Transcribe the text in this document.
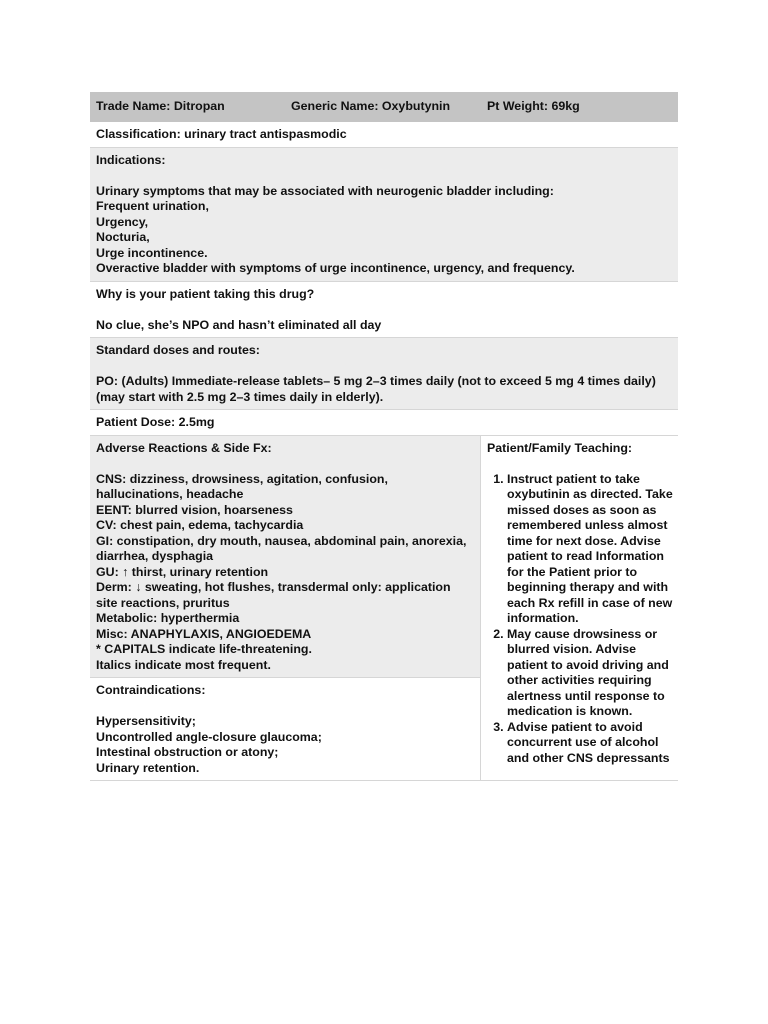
Trade Name: Ditropan	Generic Name: Oxybutynin	Pt Weight: 69kg
Classification: urinary tract antispasmodic
Indications:
Urinary symptoms that may be associated with neurogenic bladder including:
Frequent urination,
Urgency,
Nocturia,
Urge incontinence.
Overactive bladder with symptoms of urge incontinence, urgency, and frequency.
Why is your patient taking this drug?
No clue, she’s NPO and hasn’t eliminated all day
Standard doses and routes:
PO: (Adults) Immediate-release tablets– 5 mg 2–3 times daily (not to exceed 5 mg 4 times daily)
(may start with 2.5 mg 2–3 times daily in elderly).
Patient Dose: 2.5mg
Adverse Reactions & Side Fx:
CNS: dizziness, drowsiness, agitation, confusion,
hallucinations, headache
EENT: blurred vision, hoarseness
CV: chest pain, edema, tachycardia
GI: constipation, dry mouth, nausea, abdominal pain, anorexia,
diarrhea, dysphagia
GU: ↑ thirst, urinary retention
Derm: ↓ sweating, hot flushes, transdermal only: application
site reactions, pruritus
Metabolic: hyperthermia
Misc: ANAPHYLAXIS, ANGIOEDEMA
* CAPITALS indicate life-threatening.
Italics indicate most frequent.
Contraindications:
Hypersensitivity;
Uncontrolled angle-closure glaucoma;
Intestinal obstruction or atony;
Urinary retention.
Patient/Family Teaching:
1. Instruct patient to take oxybutinin as directed. Take missed doses as soon as remembered unless almost time for next dose. Advise patient to read Information for the Patient prior to beginning therapy and with each Rx refill in case of new information.
2. May cause drowsiness or blurred vision. Advise patient to avoid driving and other activities requiring alertness until response to medication is known.
3. Advise patient to avoid concurrent use of alcohol and other CNS depressants
